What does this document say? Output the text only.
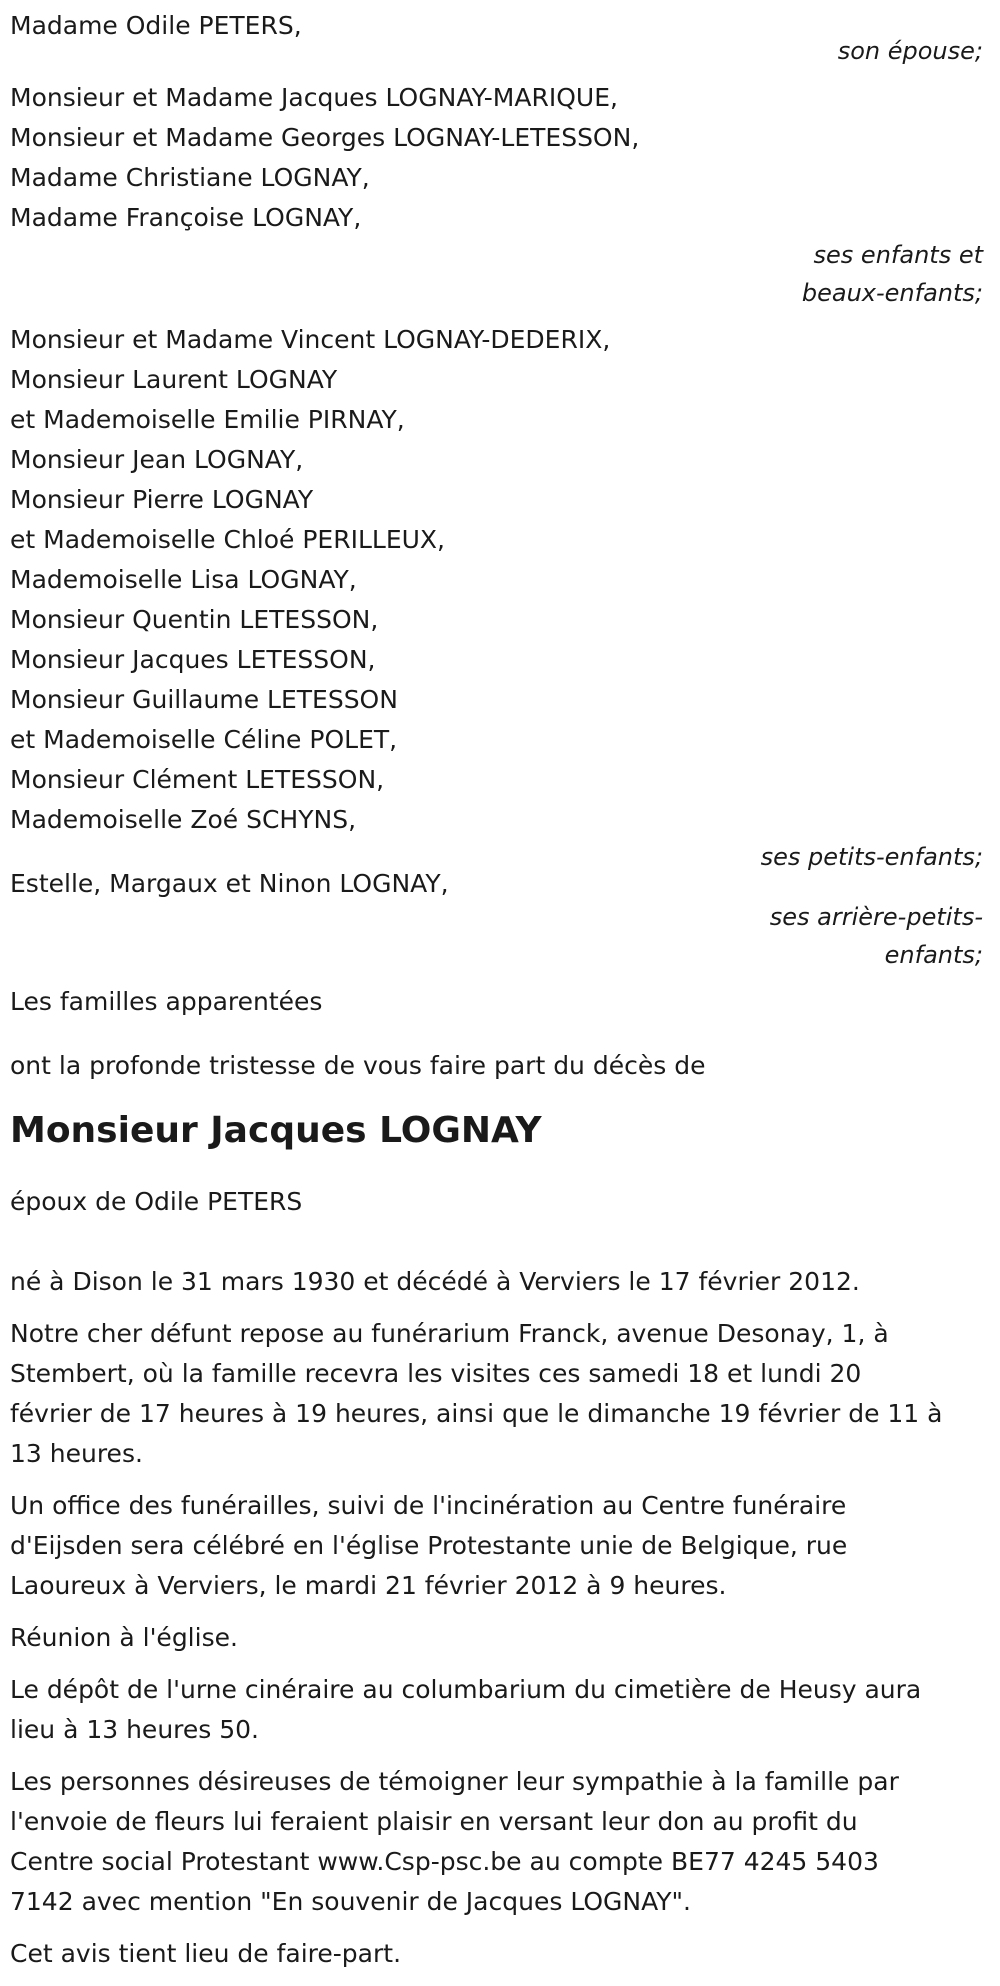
Madame Odile PETERS,
son épouse;
Monsieur et Madame Jacques LOGNAY-MARIQUE,
Monsieur et Madame Georges LOGNAY-LETESSON,
Madame Christiane LOGNAY,
Madame Françoise LOGNAY,
ses enfants et
beaux-enfants;
Monsieur et Madame Vincent LOGNAY-DEDERIX,
Monsieur Laurent LOGNAY
et Mademoiselle Emilie PIRNAY,
Monsieur Jean LOGNAY,
Monsieur Pierre LOGNAY
et Mademoiselle Chloé PERILLEUX,
Mademoiselle Lisa LOGNAY,
Monsieur Quentin LETESSON,
Monsieur Jacques LETESSON,
Monsieur Guillaume LETESSON
et Mademoiselle Céline POLET,
Monsieur Clément LETESSON,
Mademoiselle Zoé SCHYNS,
ses petits-enfants;
Estelle, Margaux et Ninon LOGNAY,
ses arrière-petits-
enfants;
Les familles apparentées
ont la profonde tristesse de vous faire part du décès de
Monsieur Jacques LOGNAY
époux de Odile PETERS
né à Dison le 31 mars 1930 et décédé à Verviers le 17 février 2012.
Notre cher défunt repose au funérarium Franck, avenue Desonay, 1, à
Stembert, où la famille recevra les visites ces samedi 18 et lundi 20
février de 17 heures à 19 heures, ainsi que le dimanche 19 février de 11 à
13 heures.
Un office des funérailles, suivi de l'incinération au Centre funéraire
d'Eijsden sera célébré en l'église Protestante unie de Belgique, rue
Laoureux à Verviers, le mardi 21 février 2012 à 9 heures.
Réunion à l'église.
Le dépôt de l'urne cinéraire au columbarium du cimetière de Heusy aura
lieu à 13 heures 50.
Les personnes désireuses de témoigner leur sympathie à la famille par
l'envoie de fleurs lui feraient plaisir en versant leur don au profit du
Centre social Protestant www.Csp-psc.be au compte BE77 4245 5403
7142 avec mention "En souvenir de Jacques LOGNAY".
Cet avis tient lieu de faire-part.
